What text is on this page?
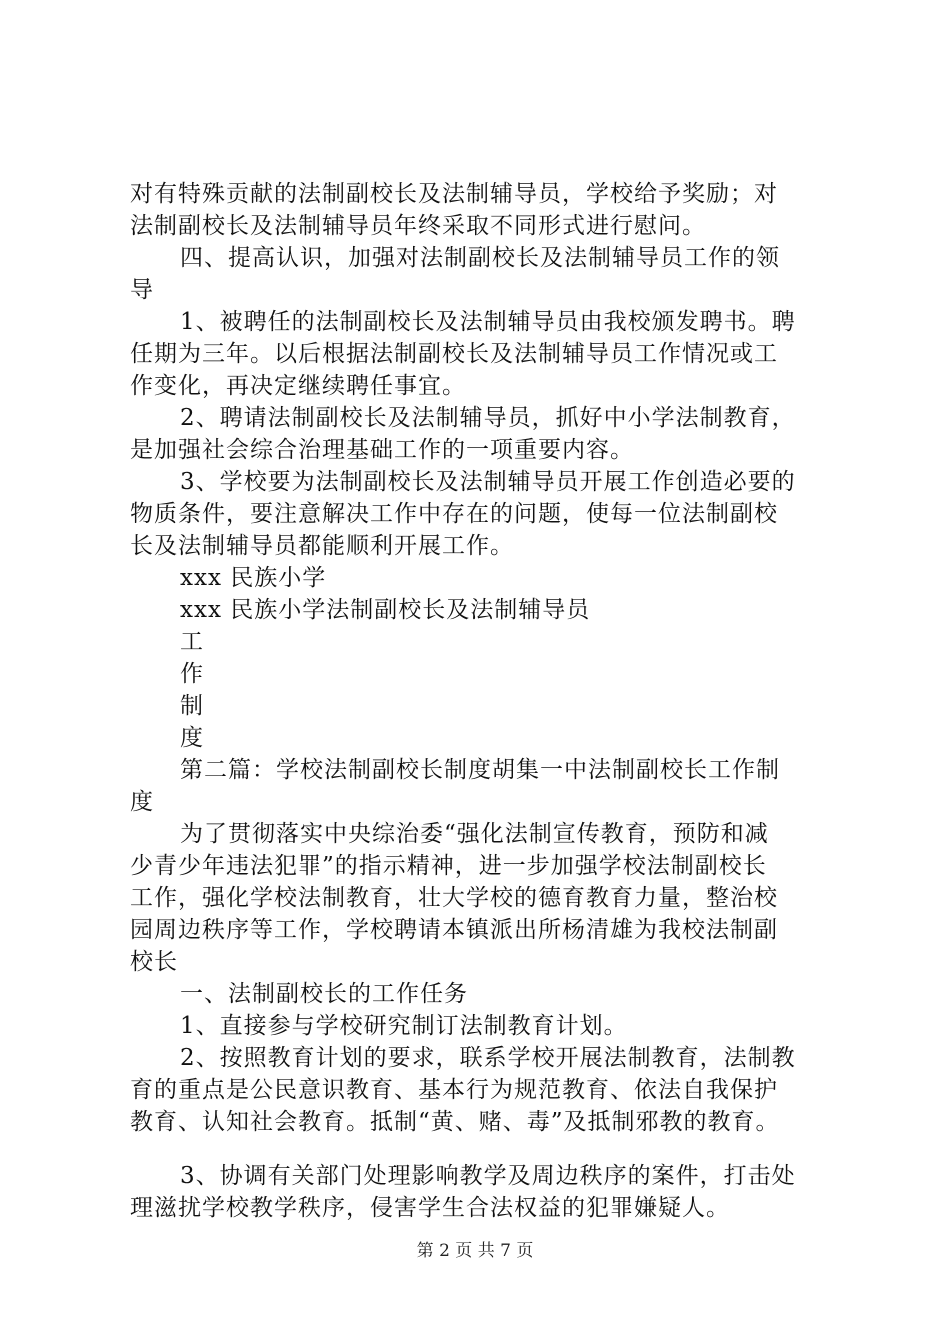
对有特殊贡献的法制副校长及法制辅导员，学校给予奖励；对
法制副校长及法制辅导员年终采取不同形式进行慰问。
四、提高认识，加强对法制副校长及法制辅导员工作的领
导
1、被聘任的法制副校长及法制辅导员由我校颁发聘书。聘
任期为三年。以后根据法制副校长及法制辅导员工作情况或工
作变化，再决定继续聘任事宜。
2、聘请法制副校长及法制辅导员，抓好中小学法制教育，
是加强社会综合治理基础工作的一项重要内容。
3、学校要为法制副校长及法制辅导员开展工作创造必要的
物质条件，要注意解决工作中存在的问题，使每一位法制副校
长及法制辅导员都能顺利开展工作。
xxx 民族小学
xxx 民族小学法制副校长及法制辅导员
工
作
制
度
第二篇：学校法制副校长制度胡集一中法制副校长工作制
度
为了贯彻落实中央综治委“强化法制宣传教育，预防和减
少青少年违法犯罪”的指示精神，进一步加强学校法制副校长
工作，强化学校法制教育，壮大学校的德育教育力量，整治校
园周边秩序等工作，学校聘请本镇派出所杨清雄为我校法制副
校长
一、法制副校长的工作任务
1、直接参与学校研究制订法制教育计划。
2、按照教育计划的要求，联系学校开展法制教育，法制教
育的重点是公民意识教育、基本行为规范教育、依法自我保护
教育、认知社会教育。抵制“黄、赌、毒”及抵制邪教的教育。
3、协调有关部门处理影响教学及周边秩序的案件，打击处
理滋扰学校教学秩序，侵害学生合法权益的犯罪嫌疑人。
第 2 页 共 7 页
